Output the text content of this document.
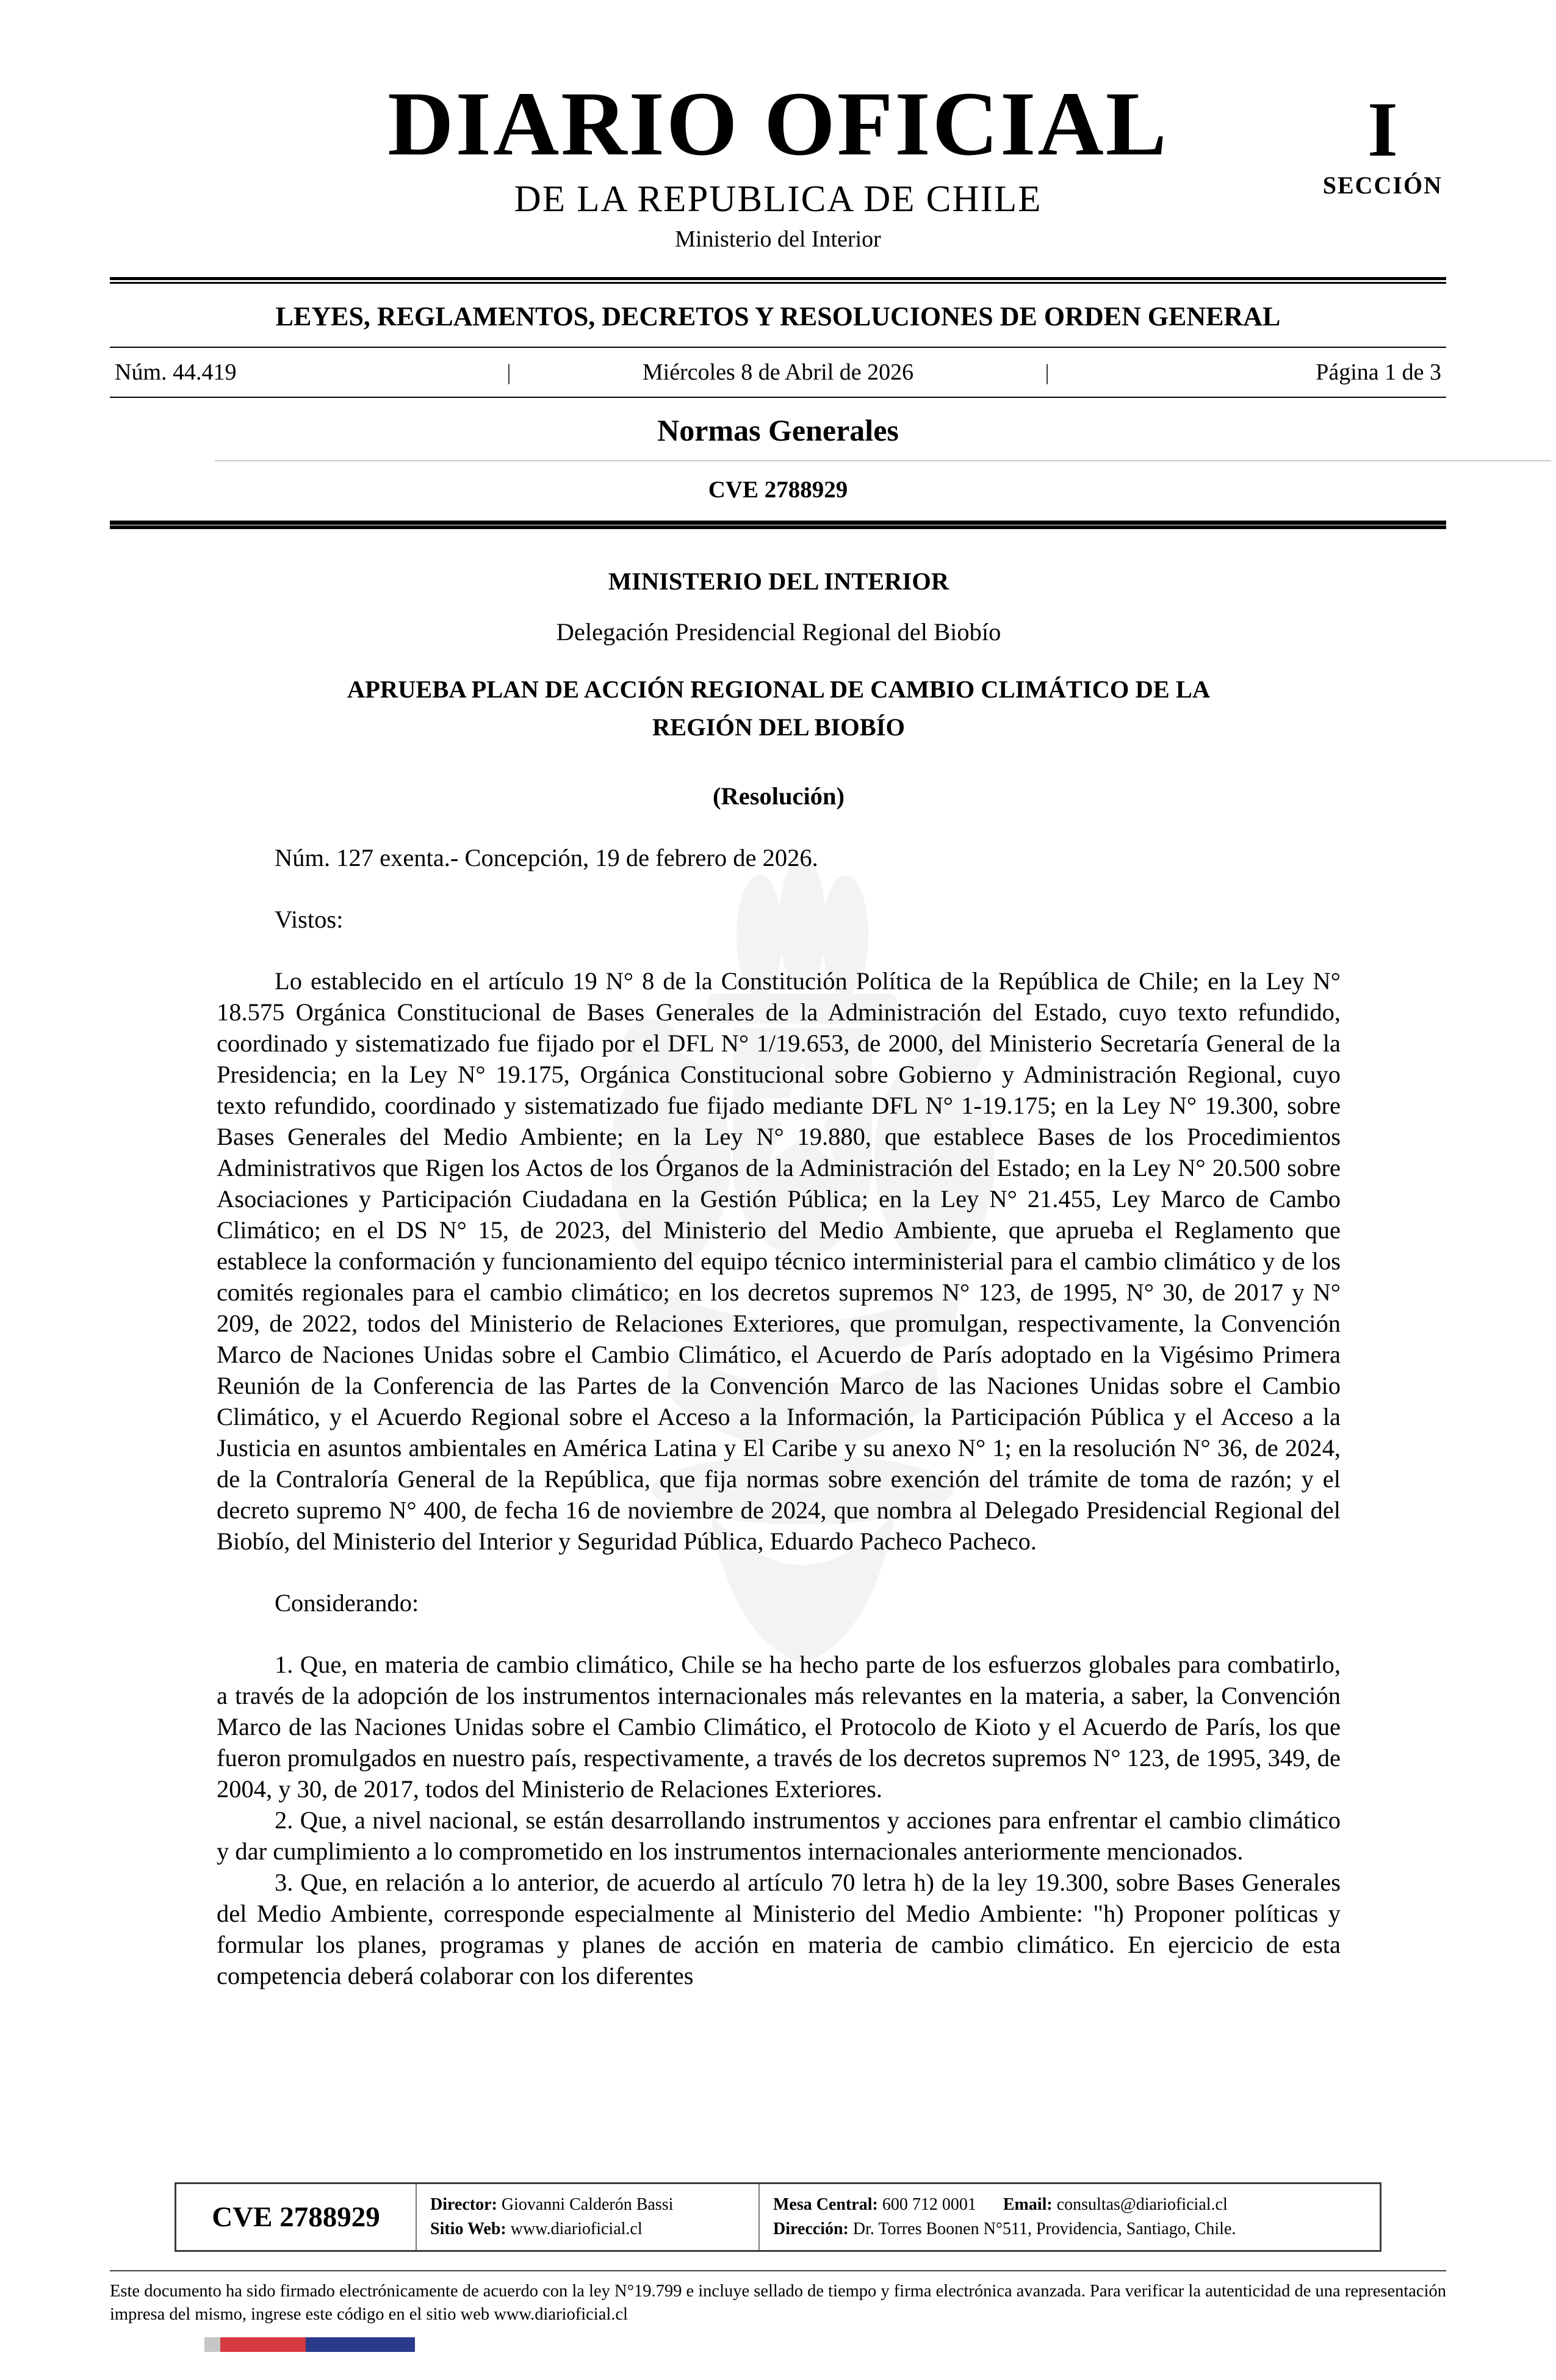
DIARIO OFICIAL
DE LA REPUBLICA DE CHILE
Ministerio del Interior
I
SECCIÓN
LEYES, REGLAMENTOS, DECRETOS Y RESOLUCIONES DE ORDEN GENERAL
Núm. 44.419	|	Miércoles 8 de Abril de 2026	|	Página 1 de 3
Normas Generales
CVE 2788929

MINISTERIO DEL INTERIOR

Delegación Presidencial Regional del Biobío

APRUEBA PLAN DE ACCIÓN REGIONAL DE CAMBIO CLIMÁTICO DE LA
REGIÓN DEL BIOBÍO

(Resolución)

Núm. 127 exenta.- Concepción, 19 de febrero de 2026.

Vistos:

Lo establecido en el artículo 19 N° 8 de la Constitución Política de la República de Chile; en la Ley N° 18.575 Orgánica Constitucional de Bases Generales de la Administración del Estado, cuyo texto refundido, coordinado y sistematizado fue fijado por el DFL N° 1/19.653, de 2000, del Ministerio Secretaría General de la Presidencia; en la Ley N° 19.175, Orgánica Constitucional sobre Gobierno y Administración Regional, cuyo texto refundido, coordinado y sistematizado fue fijado mediante DFL N° 1-19.175; en la Ley N° 19.300, sobre Bases Generales del Medio Ambiente; en la Ley N° 19.880, que establece Bases de los Procedimientos Administrativos que Rigen los Actos de los Órganos de la Administración del Estado; en la Ley N° 20.500 sobre Asociaciones y Participación Ciudadana en la Gestión Pública; en la Ley N° 21.455, Ley Marco de Cambo Climático; en el DS N° 15, de 2023, del Ministerio del Medio Ambiente, que aprueba el Reglamento que establece la conformación y funcionamiento del equipo técnico interministerial para el cambio climático y de los comités regionales para el cambio climático; en los decretos supremos N° 123, de 1995, N° 30, de 2017 y N° 209, de 2022, todos del Ministerio de Relaciones Exteriores, que promulgan, respectivamente, la Convención Marco de Naciones Unidas sobre el Cambio Climático, el Acuerdo de París adoptado en la Vigésimo Primera Reunión de la Conferencia de las Partes de la Convención Marco de las Naciones Unidas sobre el Cambio Climático, y el Acuerdo Regional sobre el Acceso a la Información, la Participación Pública y el Acceso a la Justicia en asuntos ambientales en América Latina y El Caribe y su anexo N° 1; en la resolución N° 36, de 2024, de la Contraloría General de la República, que fija normas sobre exención del trámite de toma de razón; y el decreto supremo N° 400, de fecha 16 de noviembre de 2024, que nombra al Delegado Presidencial Regional del Biobío, del Ministerio del Interior y Seguridad Pública, Eduardo Pacheco Pacheco.

Considerando:

1. Que, en materia de cambio climático, Chile se ha hecho parte de los esfuerzos globales para combatirlo, a través de la adopción de los instrumentos internacionales más relevantes en la materia, a saber, la Convención Marco de las Naciones Unidas sobre el Cambio Climático, el Protocolo de Kioto y el Acuerdo de París, los que fueron promulgados en nuestro país, respectivamente, a través de los decretos supremos N° 123, de 1995, 349, de 2004, y 30, de 2017, todos del Ministerio de Relaciones Exteriores.

2. Que, a nivel nacional, se están desarrollando instrumentos y acciones para enfrentar el cambio climático y dar cumplimiento a lo comprometido en los instrumentos internacionales anteriormente mencionados.

3. Que, en relación a lo anterior, de acuerdo al artículo 70 letra h) de la ley 19.300, sobre Bases Generales del Medio Ambiente, corresponde especialmente al Ministerio del Medio Ambiente: "h) Proponer políticas y formular los planes, programas y planes de acción en materia de cambio climático. En ejercicio de esta competencia deberá colaborar con los diferentes

CVE 2788929	Director: Giovanni Calderón Bassi
Sitio Web: www.diarioficial.cl
Mesa Central: 600 712 0001 Email: consultas@diarioficial.cl
Dirección: Dr. Torres Boonen N°511, Providencia, Santiago, Chile.

Este documento ha sido firmado electrónicamente de acuerdo con la ley N°19.799 e incluye sellado de tiempo y firma electrónica avanzada. Para verificar la autenticidad de una representación impresa del mismo, ingrese este código en el sitio web www.diarioficial.cl
